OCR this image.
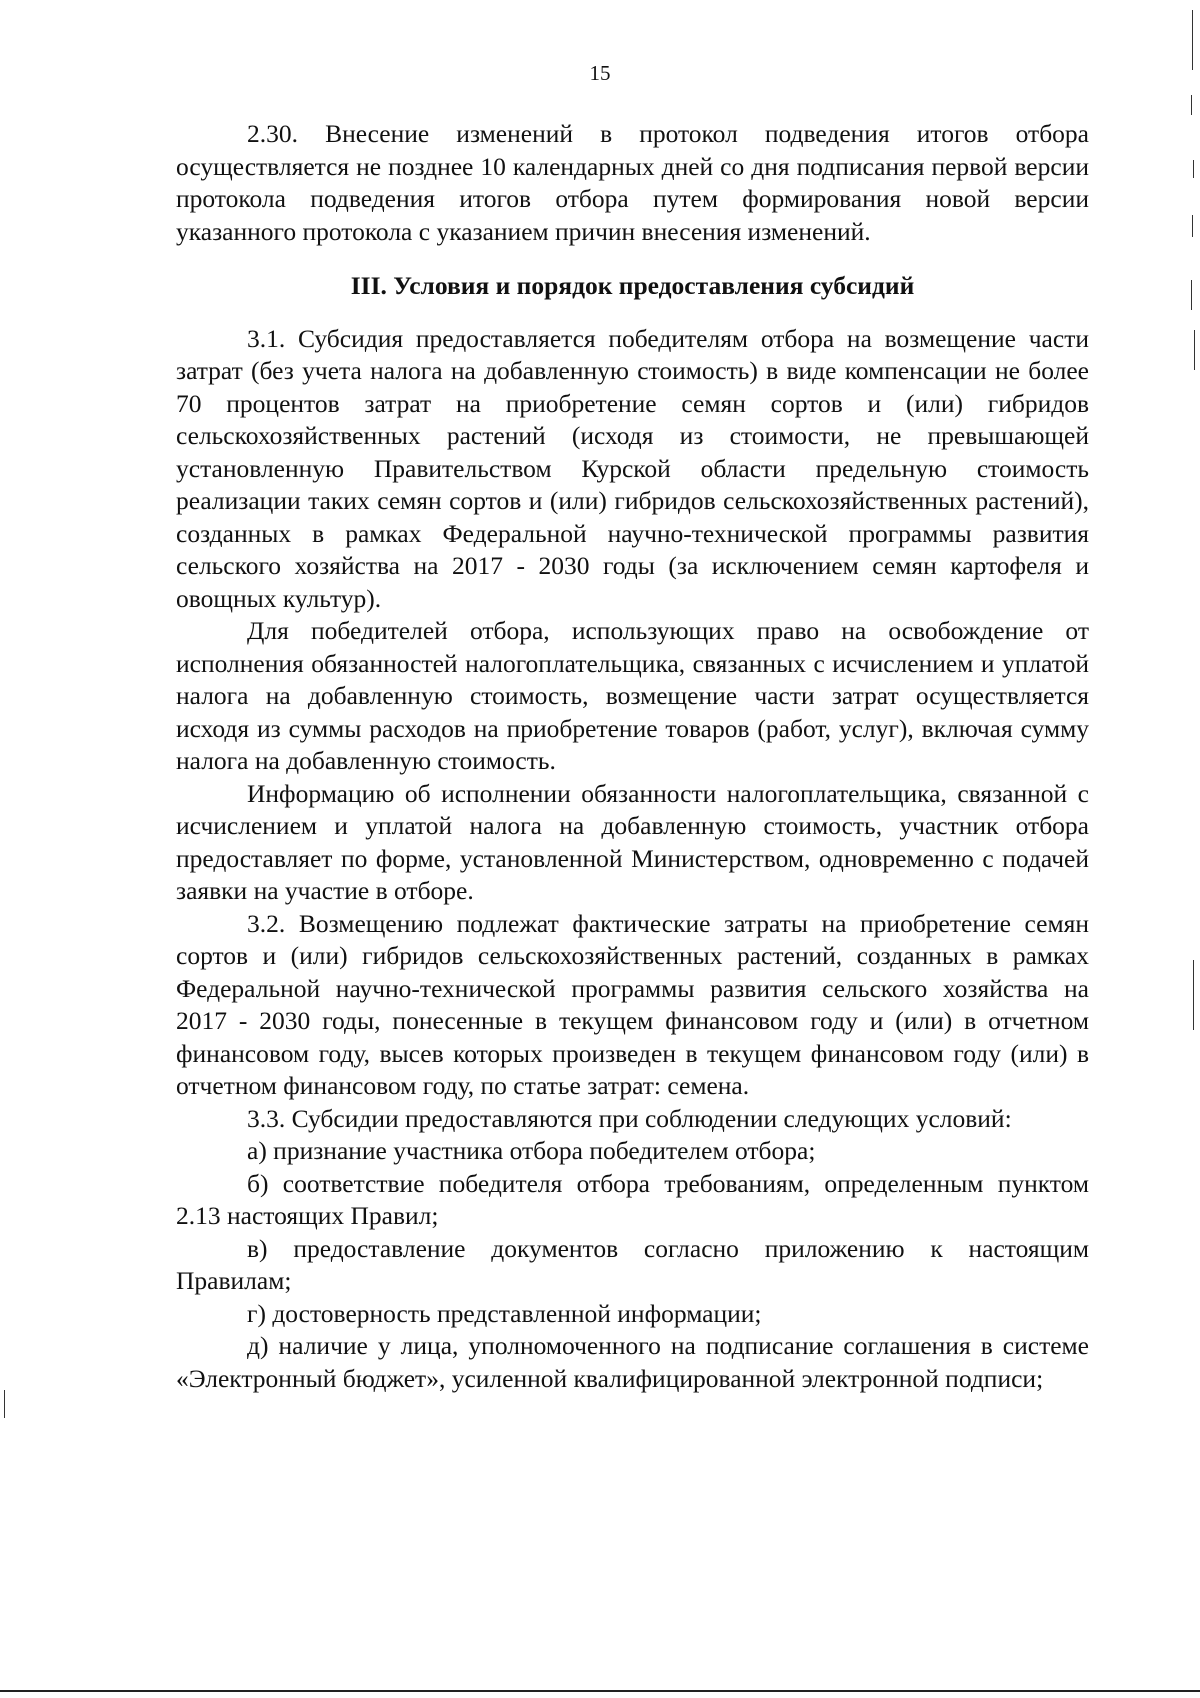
15

2.30. Внесение изменений в протокол подведения итогов отбора осуществляется не позднее 10 календарных дней со дня подписания первой версии протокола подведения итогов отбора путем формирования новой версии указанного протокола с указанием причин внесения изменений.

III. Условия и порядок предоставления субсидий

3.1. Субсидия предоставляется победителям отбора на возмещение части затрат (без учета налога на добавленную стоимость) в виде компенсации не более 70 процентов затрат на приобретение семян сортов и (или) гибридов сельскохозяйственных растений (исходя из стоимости, не превышающей установленную Правительством Курской области предельную стоимость реализации таких семян сортов и (или) гибридов сельскохозяйственных растений), созданных в рамках Федеральной научно-технической программы развития сельского хозяйства на 2017 - 2030 годы (за исключением семян картофеля и овощных культур).

Для победителей отбора, использующих право на освобождение от исполнения обязанностей налогоплательщика, связанных с исчислением и уплатой налога на добавленную стоимость, возмещение части затрат осуществляется исходя из суммы расходов на приобретение товаров (работ, услуг), включая сумму налога на добавленную стоимость.

Информацию об исполнении обязанности налогоплательщика, связанной с исчислением и уплатой налога на добавленную стоимость, участник отбора предоставляет по форме, установленной Министерством, одновременно с подачей заявки на участие в отборе.

3.2. Возмещению подлежат фактические затраты на приобретение семян сортов и (или) гибридов сельскохозяйственных растений, созданных в рамках Федеральной научно-технической программы развития сельского хозяйства на 2017 - 2030 годы, понесенные в текущем финансовом году и (или) в отчетном финансовом году, высев которых произведен в текущем финансовом году (или) в отчетном финансовом году, по статье затрат: семена.

3.3. Субсидии предоставляются при соблюдении следующих условий:

а) признание участника отбора победителем отбора;

б) соответствие победителя отбора требованиям, определенным пунктом 2.13 настоящих Правил;

в) предоставление документов согласно приложению к настоящим Правилам;

г) достоверность представленной информации;

д) наличие у лица, уполномоченного на подписание соглашения в системе «Электронный бюджет», усиленной квалифицированной электронной подписи;
